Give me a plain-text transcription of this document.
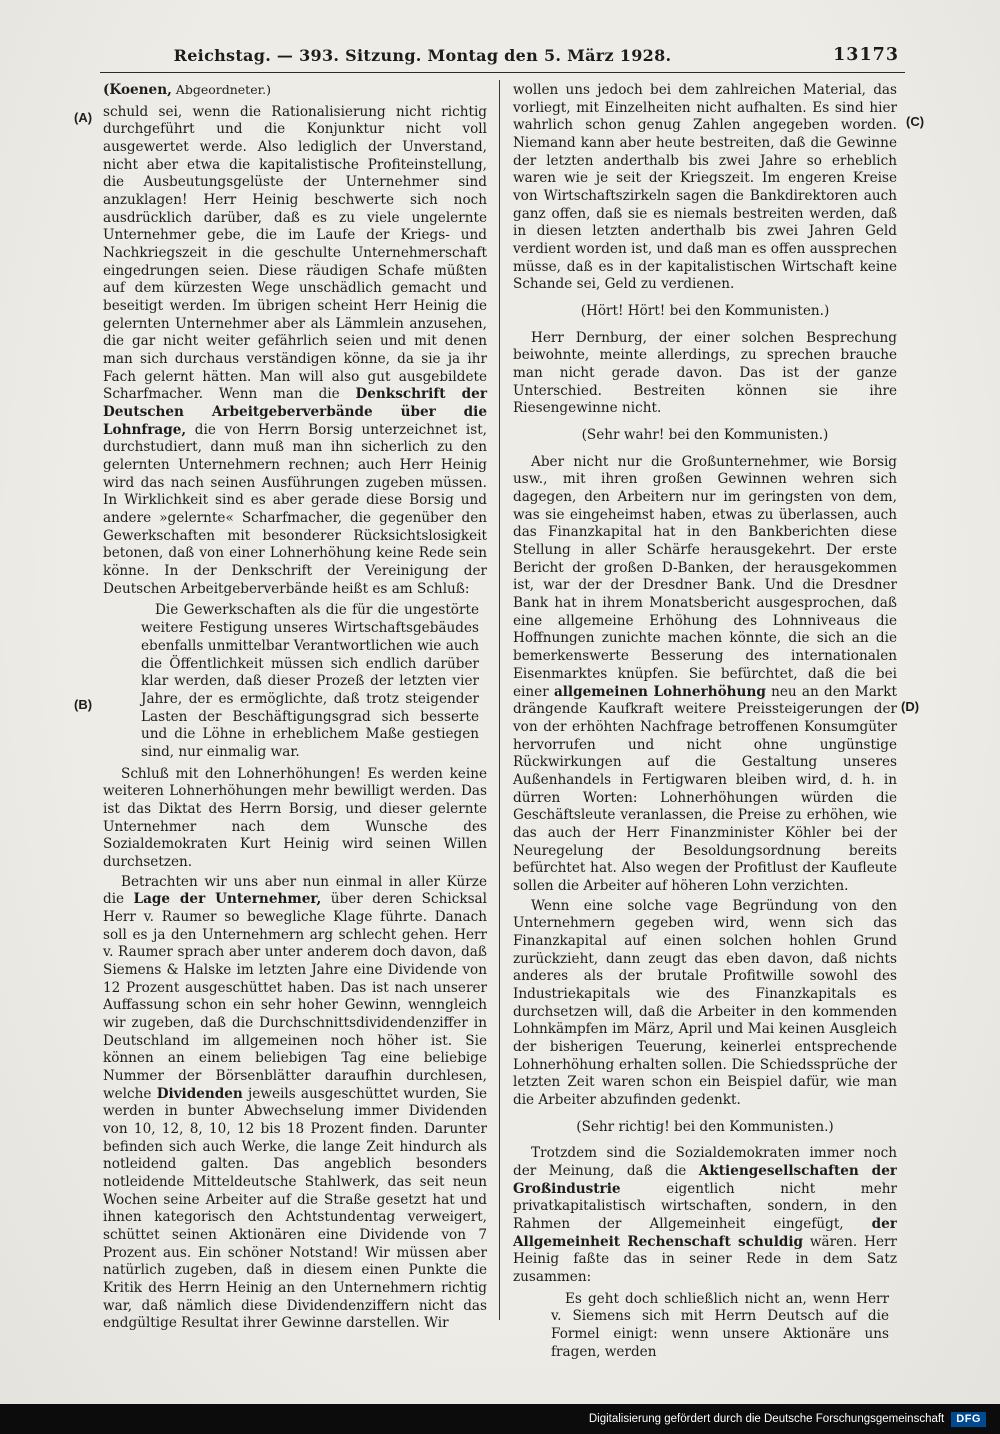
Reichstag. — 393. Sitzung. Montag den 5. März 1928.	13173
(A)
(B)
(C)
(D)

(Koenen, Abgeordneter.)

schuld sei, wenn die Rationalisierung nicht richtig durchgeführt und die Konjunktur nicht voll ausgewertet werde. Also lediglich der Unverstand, nicht aber etwa die kapitalistische Profiteinstellung, die Ausbeutungsgelüste der Unternehmer sind anzuklagen! Herr Heinig beschwerte sich noch ausdrücklich darüber, daß es zu viele ungelernte Unternehmer gebe, die im Laufe der Kriegs- und Nachkriegszeit in die geschulte Unternehmerschaft eingedrungen seien. Diese räudigen Schafe müßten auf dem kürzesten Wege unschädlich gemacht und beseitigt werden. Im übrigen scheint Herr Heinig die gelernten Unternehmer aber als Lämmlein anzusehen, die gar nicht weiter gefährlich seien und mit denen man sich durchaus verständigen könne, da sie ja ihr Fach gelernt hätten. Man will also gut ausgebildete Scharfmacher. Wenn man die Denkschrift der Deutschen Arbeitgeberverbände über die Lohnfrage, die von Herrn Borsig unterzeichnet ist, durchstudiert, dann muß man ihn sicherlich zu den gelernten Unternehmern rechnen; auch Herr Heinig wird das nach seinen Ausführungen zugeben müssen. In Wirklichkeit sind es aber gerade diese Borsig und andere »gelernte« Scharfmacher, die gegenüber den Gewerkschaften mit besonderer Rücksichtslosigkeit betonen, daß von einer Lohnerhöhung keine Rede sein könne. In der Denkschrift der Vereinigung der Deutschen Arbeitgeberverbände heißt es am Schluß:

Die Gewerkschaften als die für die ungestörte weitere Festigung unseres Wirtschaftsgebäudes ebenfalls unmittelbar Verantwortlichen wie auch die Öffentlichkeit müssen sich endlich darüber klar werden, daß dieser Prozeß der letzten vier Jahre, der es ermöglichte, daß trotz steigender Lasten der Beschäftigungsgrad sich besserte und die Löhne in erheblichem Maße gestiegen sind, nur einmalig war.

Schluß mit den Lohnerhöhungen! Es werden keine weiteren Lohnerhöhungen mehr bewilligt werden. Das ist das Diktat des Herrn Borsig, und dieser gelernte Unternehmer nach dem Wunsche des Sozialdemokraten Kurt Heinig wird seinen Willen durchsetzen.

Betrachten wir uns aber nun einmal in aller Kürze die Lage der Unternehmer, über deren Schicksal Herr v. Raumer so bewegliche Klage führte. Danach soll es ja den Unternehmern arg schlecht gehen. Herr v. Raumer sprach aber unter anderem doch davon, daß Siemens & Halske im letzten Jahre eine Dividende von 12 Prozent ausgeschüttet haben. Das ist nach unserer Auffassung schon ein sehr hoher Gewinn, wenngleich wir zugeben, daß die Durchschnittsdividendenziffer in Deutschland im allgemeinen noch höher ist. Sie können an einem beliebigen Tag eine beliebige Nummer der Börsenblätter daraufhin durchlesen, welche Dividenden jeweils ausgeschüttet wurden, Sie werden in bunter Abwechselung immer Dividenden von 10, 12, 8, 10, 12 bis 18 Prozent finden. Darunter befinden sich auch Werke, die lange Zeit hindurch als notleidend galten. Das angeblich besonders notleidende Mitteldeutsche Stahlwerk, das seit neun Wochen seine Arbeiter auf die Straße gesetzt hat und ihnen kategorisch den Achtstundentag verweigert, schüttet seinen Aktionären eine Dividende von 7 Prozent aus. Ein schöner Notstand! Wir müssen aber natürlich zugeben, daß in diesem einen Punkte die Kritik des Herrn Heinig an den Unternehmern richtig war, daß nämlich diese Dividendenziffern nicht das endgültige Resultat ihrer Gewinne darstellen. Wir

wollen uns jedoch bei dem zahlreichen Material, das vorliegt, mit Einzelheiten nicht aufhalten. Es sind hier wahrlich schon genug Zahlen angegeben worden. Niemand kann aber heute bestreiten, daß die Gewinne der letzten anderthalb bis zwei Jahre so erheblich waren wie je seit der Kriegszeit. Im engeren Kreise von Wirtschaftszirkeln sagen die Bankdirektoren auch ganz offen, daß sie es niemals bestreiten werden, daß in diesen letzten anderthalb bis zwei Jahren Geld verdient worden ist, und daß man es offen aussprechen müsse, daß es in der kapitalistischen Wirtschaft keine Schande sei, Geld zu verdienen.

(Hört! Hört! bei den Kommunisten.)

Herr Dernburg, der einer solchen Besprechung beiwohnte, meinte allerdings, zu sprechen brauche man nicht gerade davon. Das ist der ganze Unterschied. Bestreiten können sie ihre Riesengewinne nicht.

(Sehr wahr! bei den Kommunisten.)

Aber nicht nur die Großunternehmer, wie Borsig usw., mit ihren großen Gewinnen wehren sich dagegen, den Arbeitern nur im geringsten von dem, was sie eingeheimst haben, etwas zu überlassen, auch das Finanzkapital hat in den Bankberichten diese Stellung in aller Schärfe herausgekehrt. Der erste Bericht der großen D-Banken, der herausgekommen ist, war der der Dresdner Bank. Und die Dresdner Bank hat in ihrem Monatsbericht ausgesprochen, daß eine allgemeine Erhöhung des Lohnniveaus die Hoffnungen zunichte machen könnte, die sich an die bemerkenswerte Besserung des internationalen Eisenmarktes knüpfen. Sie befürchtet, daß die bei einer allgemeinen Lohnerhöhung neu an den Markt drängende Kaufkraft weitere Preissteigerungen der von der erhöhten Nachfrage betroffenen Konsumgüter hervorrufen und nicht ohne ungünstige Rückwirkungen auf die Gestaltung unseres Außenhandels in Fertigwaren bleiben wird, d. h. in dürren Worten: Lohnerhöhungen würden die Geschäftsleute veranlassen, die Preise zu erhöhen, wie das auch der Herr Finanzminister Köhler bei der Neuregelung der Besoldungsordnung bereits befürchtet hat. Also wegen der Profitlust der Kaufleute sollen die Arbeiter auf höheren Lohn verzichten.

Wenn eine solche vage Begründung von den Unternehmern gegeben wird, wenn sich das Finanzkapital auf einen solchen hohlen Grund zurückzieht, dann zeugt das eben davon, daß nichts anderes als der brutale Profitwille sowohl des Industriekapitals wie des Finanzkapitals es durchsetzen will, daß die Arbeiter in den kommenden Lohnkämpfen im März, April und Mai keinen Ausgleich der bisherigen Teuerung, keinerlei entsprechende Lohnerhöhung erhalten sollen. Die Schiedssprüche der letzten Zeit waren schon ein Beispiel dafür, wie man die Arbeiter abzufinden gedenkt.

(Sehr richtig! bei den Kommunisten.)

Trotzdem sind die Sozialdemokraten immer noch der Meinung, daß die Aktiengesellschaften der Großindustrie eigentlich nicht mehr privatkapitalistisch wirtschaften, sondern, in den Rahmen der Allgemeinheit eingefügt, der Allgemeinheit Rechenschaft schuldig wären. Herr Heinig faßte das in seiner Rede in dem Satz zusammen:

Es geht doch schließlich nicht an, wenn Herr v. Siemens sich mit Herrn Deutsch auf die Formel einigt: wenn unsere Aktionäre uns fragen, werden
Digitalisierung gefördert durch die Deutsche Forschungsgemeinschaft	DFG
